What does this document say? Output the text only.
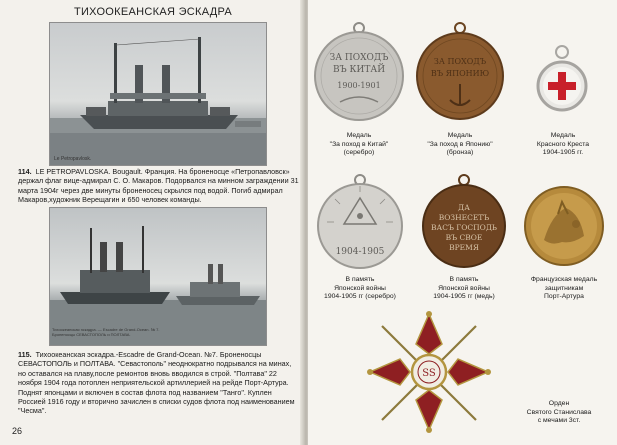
ТИХООКЕАНСКАЯ ЭСКАДРА
Le Petropavlosk.
114. LE PETROPAVLOSKA. Bougault. Франция. На броненосце «Петропавловск» держал флаг вице-адмирал С. О. Макаров. Подорвался на минном заграждении 31 марта 1904г через две минуты броненосец скрылся под водой. Погиб адмирал Макаров,художник Верещагин и 650 человек команды.
Тихоокеанская эскадра. — Escadre de Grand-Ocean. № 7.
Броненосцы СЕВАСТОПОЛЬ и ПОЛТАВА.
115. Тихоокеанская эскадра.-Escadre de Grand-Ocean. №7. Броненосцы СЕВАСТОПОЛЬ и ПОЛТАВА. "Севастополь" неоднократно подрывался на минах, но оставался на плаву,после ремонтов вновь вводился в строй. "Полтава" 22 ноября 1904 года потоплен неприятельской артиллерией на рейде Порт-Артура. Поднят японцами и включен в состав флота под названием "Танго". Куплен Россией 1916 году и вторично зачислен в списки судов флота под наименованием "Чесма".
26
ЗА ПОХОДЪ
ВЪ КИТАЙ
1900-1901
Медаль
"За поход в Китай"
(серебро)
ЗА ПОХОДЪ
ВЪ ЯПОНИЮ
Медаль
"За поход в Японию"
(бронза)
Медаль
Красного Креста
1904-1905 гг.
1904-1905
В память
Японской войны
1904-1905 гг (серебро)
ДА
ВОЗНЕСЕТЪ
ВАСЪ ГОСПОДЬ
ВЪ СВОЕ
ВРЕМЯ
В память
Японской войны
1904-1905 гг (медь)
Французская медаль
защитникам
Порт-Артура
SS
Орден
Святого Станислава
с мечами 3ст.
